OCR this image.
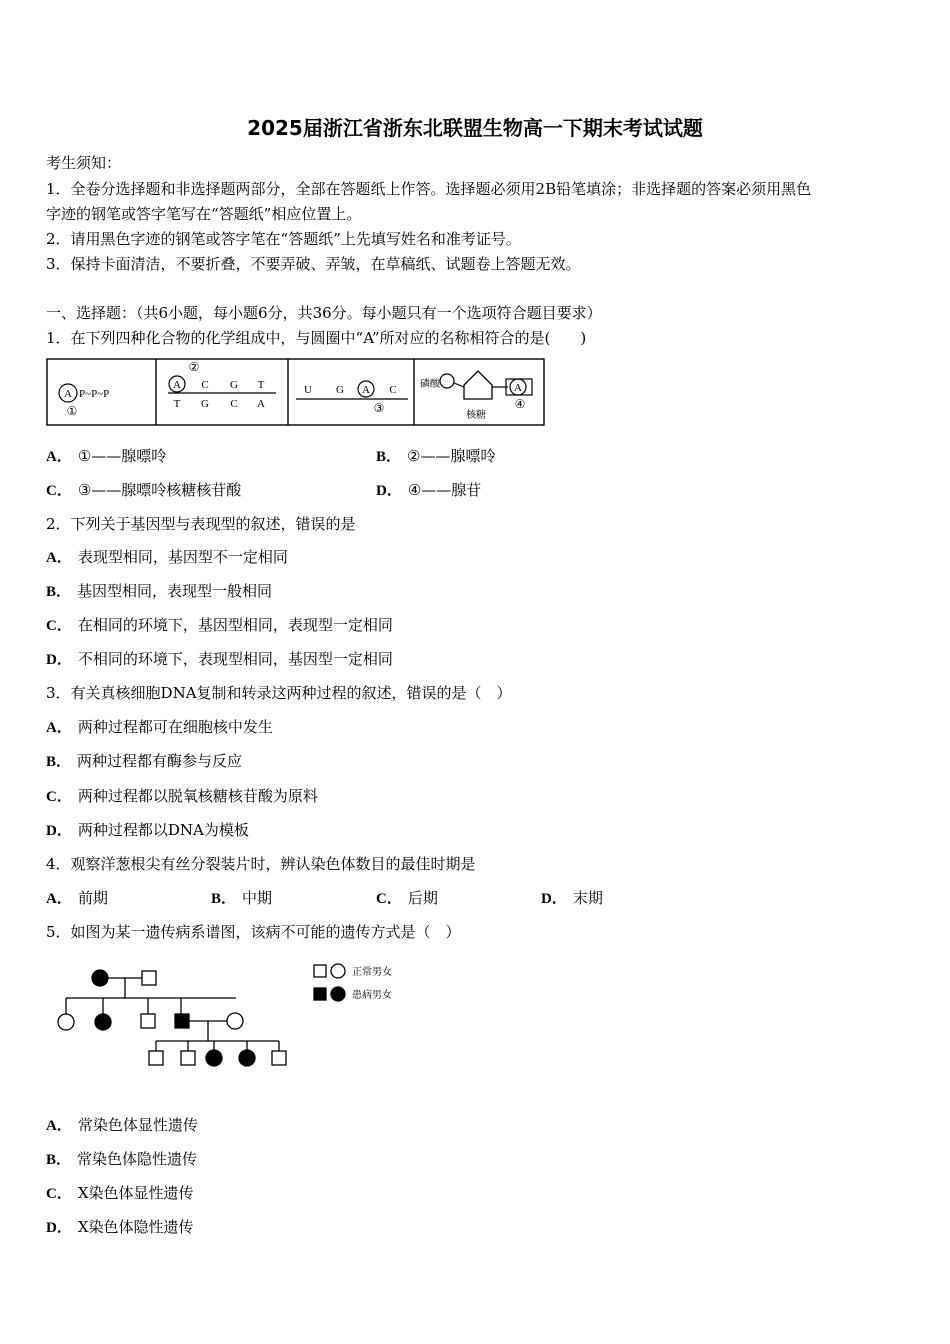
2025届浙江省浙东北联盟生物高一下期末考试试题
考生须知：
1．全卷分选择题和非选择题两部分，全部在答题纸上作答。选择题必须用2B铅笔填涂；非选择题的答案必须用黑色
字迹的钢笔或答字笔写在“答题纸”相应位置上。
2．请用黑色字迹的钢笔或答字笔在“答题纸”上先填写姓名和准考证号。
3．保持卡面清洁，不要折叠，不要弄破、弄皱，在草稿纸、试题卷上答题无效。
一、选择题：（共6小题，每小题6分，共36分。每小题只有一个选项符合题目要求）
1．在下列四种化合物的化学组成中，与圆圈中“A”所对应的名称相符合的是(　　)
A P~P~P
①
②
A C G T
T G C A
U G A C
③
磷酸	A
④
核糖
A． ①——腺嘌呤	B． ②——腺嘌呤
C． ③——腺嘌呤核糖核苷酸	D． ④——腺苷
2．下列关于基因型与表现型的叙述，错误的是
A． 表现型相同，基因型不一定相同
B． 基因型相同，表现型一般相同
C． 在相同的环境下，基因型相同，表现型一定相同
D． 不相同的环境下，表现型相同，基因型一定相同
3．有关真核细胞DNA复制和转录这两种过程的叙述，错误的是（　）
A． 两种过程都可在细胞核中发生
B． 两种过程都有酶参与反应
C． 两种过程都以脱氧核糖核苷酸为原料
D． 两种过程都以DNA为模板
4．观察洋葱根尖有丝分裂装片时，辨认染色体数目的最佳时期是
A． 前期	B． 中期	C． 后期	D． 末期
5．如图为某一遗传病系谱图，该病不可能的遗传方式是（　）
正常男女
患病男女
A． 常染色体显性遗传
B． 常染色体隐性遗传
C． X染色体显性遗传
D． X染色体隐性遗传
